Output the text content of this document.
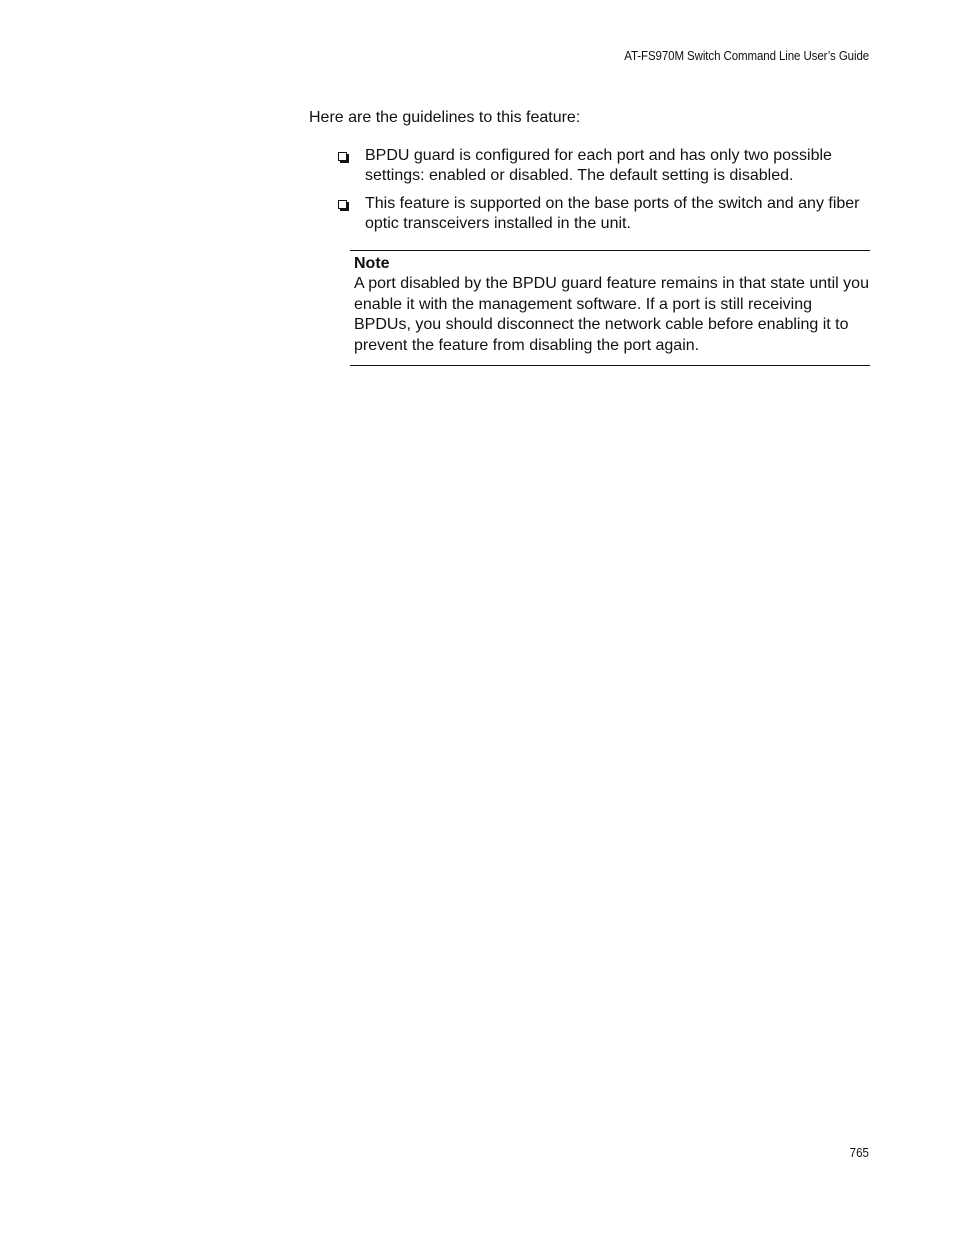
AT-FS970M Switch Command Line User’s Guide
Here are the guidelines to this feature:
BPDU guard is configured for each port and has only two possible settings: enabled or disabled. The default setting is disabled.
This feature is supported on the base ports of the switch and any fiber optic transceivers installed in the unit.
Note
A port disabled by the BPDU guard feature remains in that state until you enable it with the management software. If a port is still receiving BPDUs, you should disconnect the network cable before enabling it to prevent the feature from disabling the port again.
765
